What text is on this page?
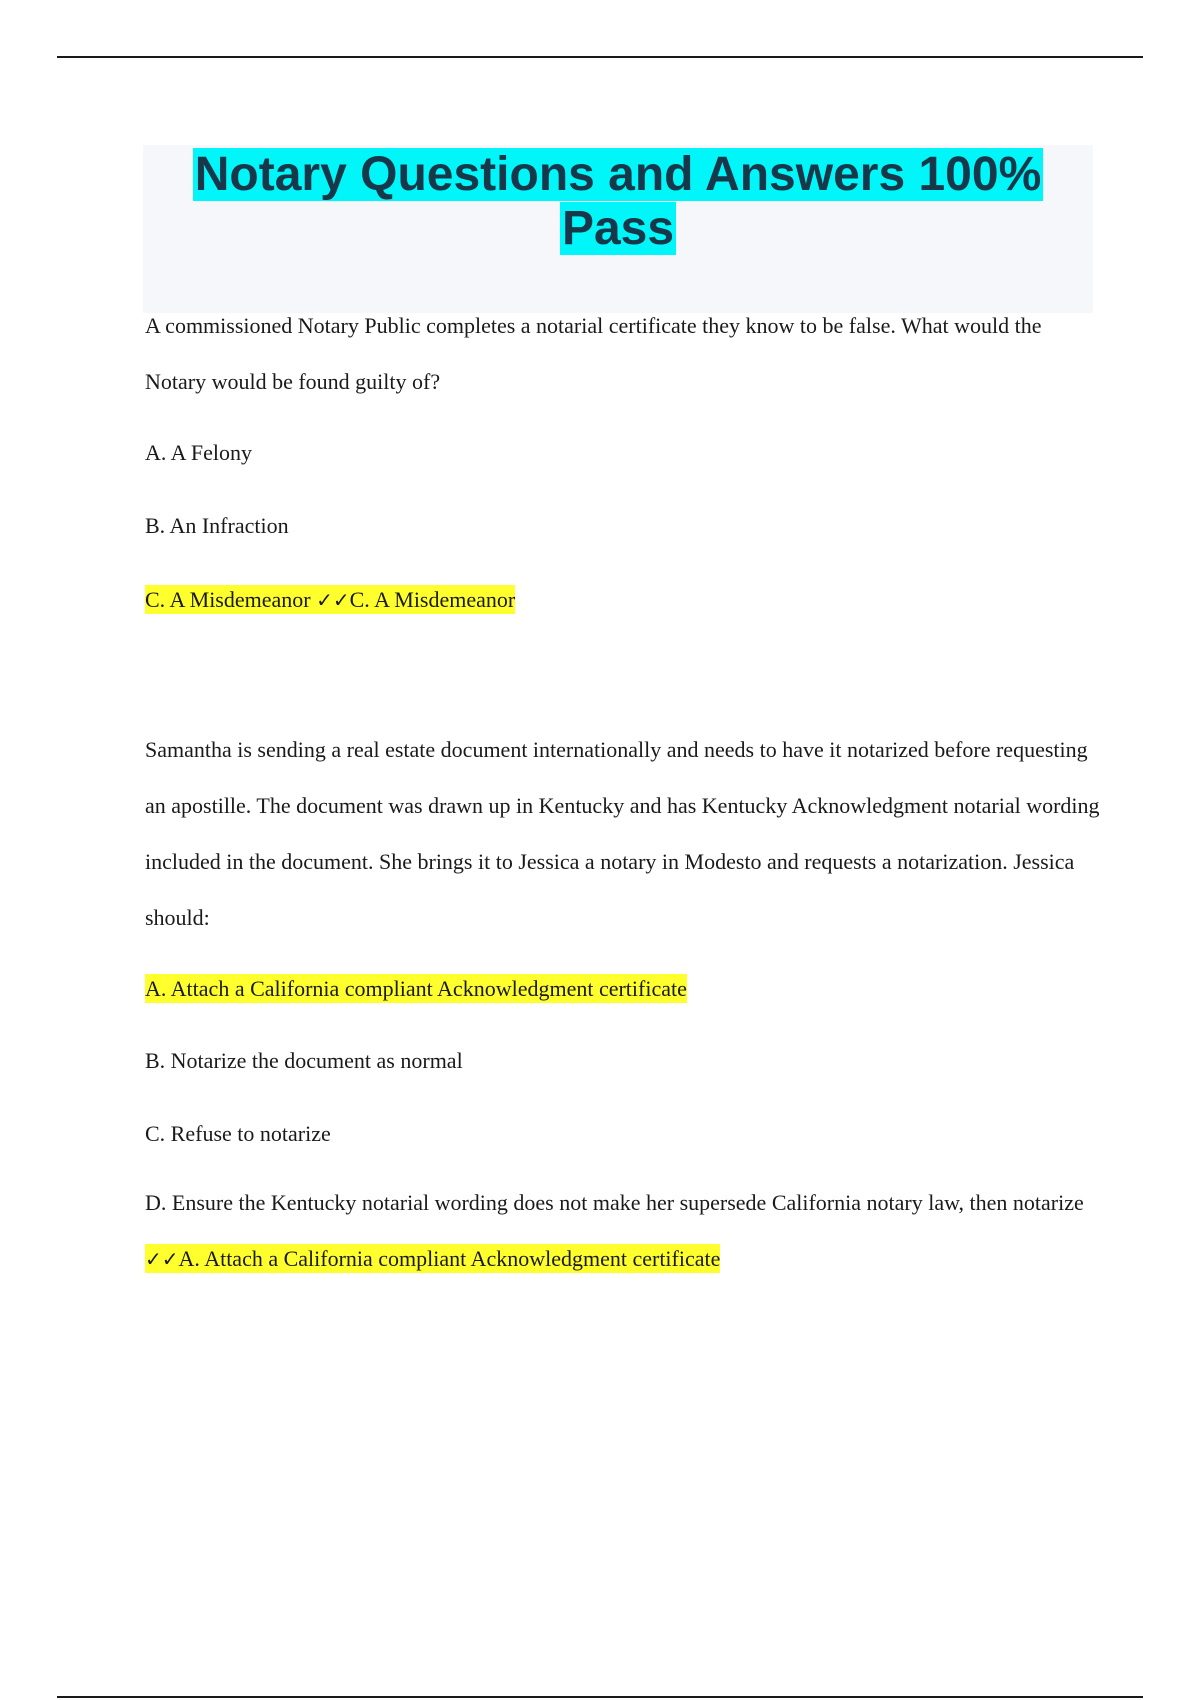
Notary Questions and Answers 100% Pass

A commissioned Notary Public completes a notarial certificate they know to be false. What would the Notary would be found guilty of?

A. A Felony

B. An Infraction

C. A Misdemeanor ✓✓C. A Misdemeanor

Samantha is sending a real estate document internationally and needs to have it notarized before requesting an apostille. The document was drawn up in Kentucky and has Kentucky Acknowledgment notarial wording included in the document. She brings it to Jessica a notary in Modesto and requests a notarization. Jessica should:

A. Attach a California compliant Acknowledgment certificate

B. Notarize the document as normal

C. Refuse to notarize

D. Ensure the Kentucky notarial wording does not make her supersede California notary law, then notarize ✓✓A. Attach a California compliant Acknowledgment certificate
